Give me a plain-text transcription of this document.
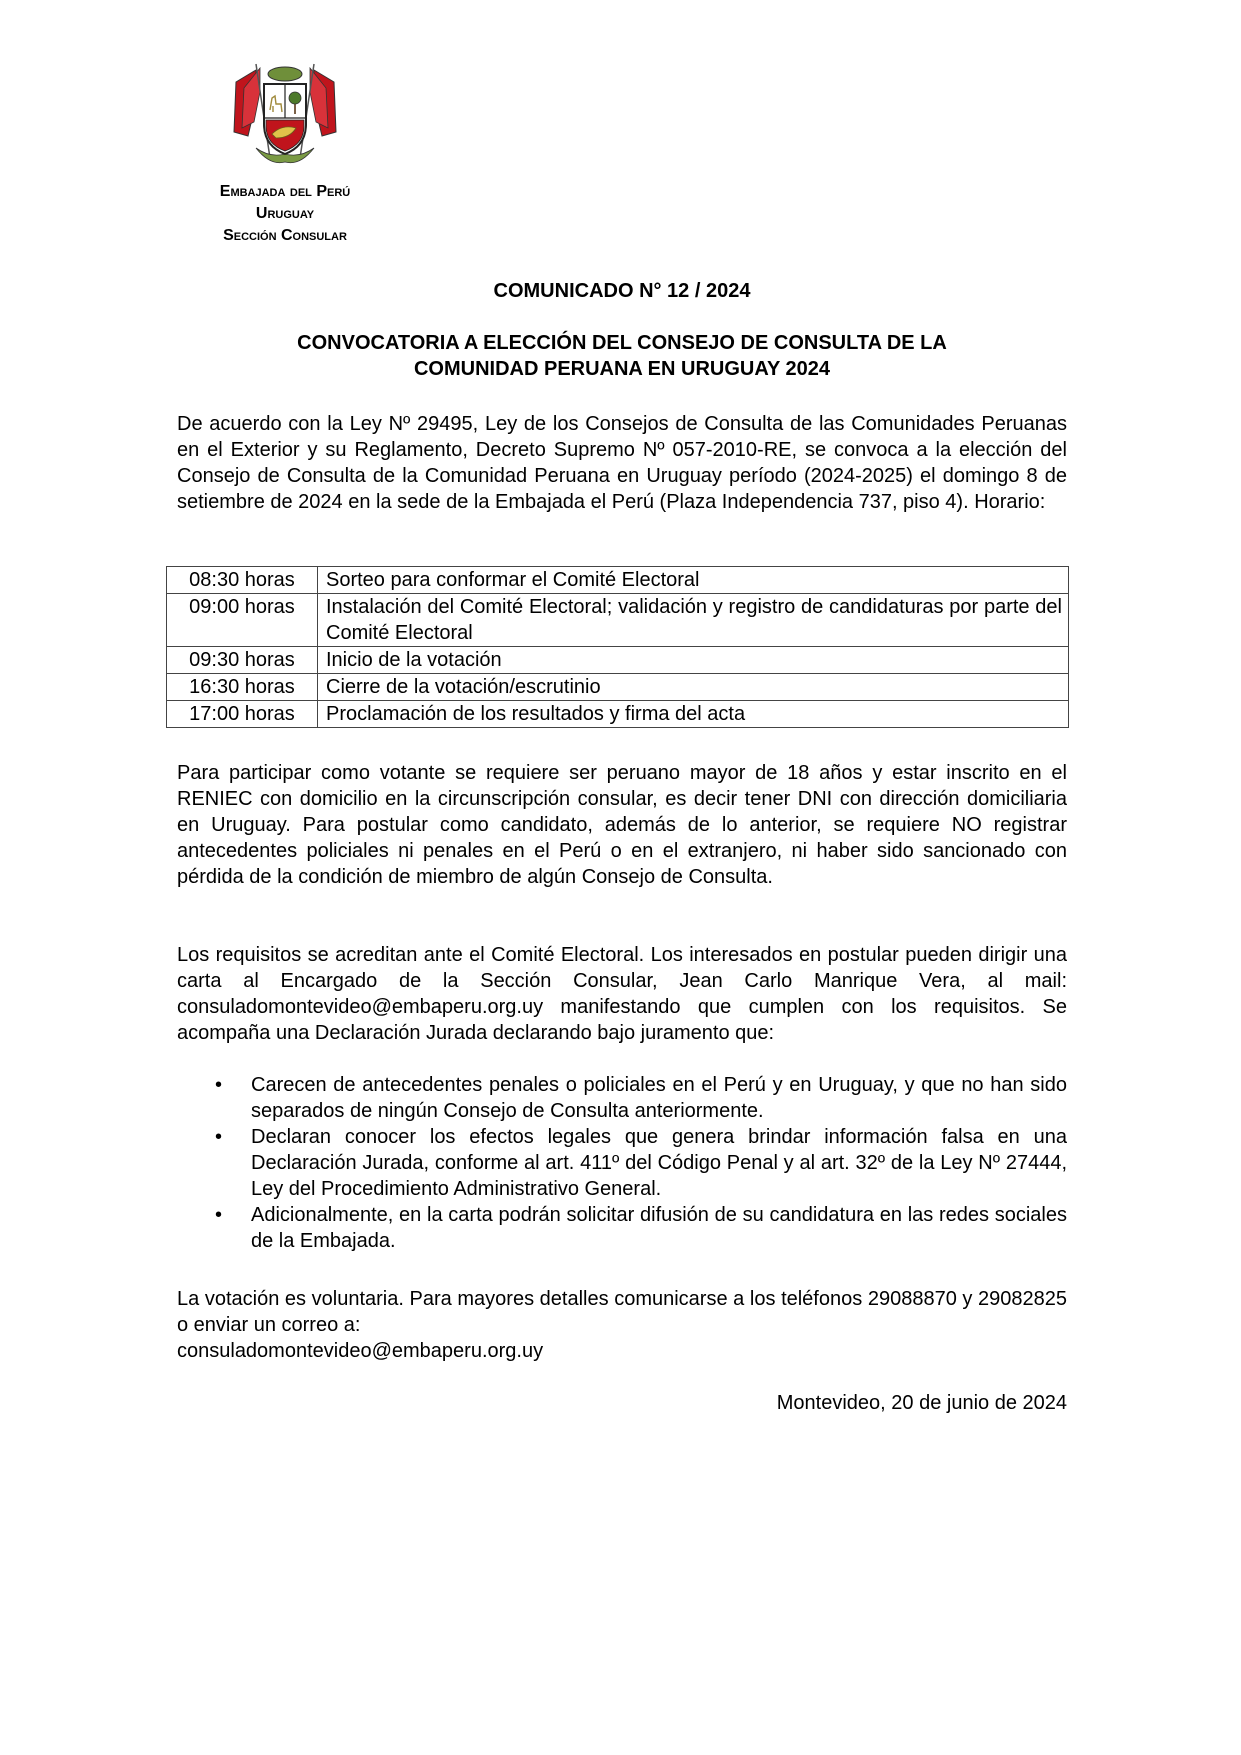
Embajada del Perú
Uruguay
Sección Consular
COMUNICADO N° 12 / 2024
CONVOCATORIA A ELECCIÓN DEL CONSEJO DE CONSULTA DE LA
COMUNIDAD PERUANA EN URUGUAY 2024
De acuerdo con la Ley Nº 29495, Ley de los Consejos de Consulta de las Comunidades Peruanas en el Exterior y su Reglamento, Decreto Supremo Nº 057-2010-RE, se convoca a la elección del Consejo de Consulta de la Comunidad Peruana en Uruguay período (2024-2025) el domingo 8 de setiembre de 2024 en la sede de la Embajada el Perú (Plaza Independencia 737, piso 4). Horario:
08:30 horas	Sorteo para conformar el Comité Electoral
09:00 horas	Instalación del Comité Electoral; validación y registro de candidaturas por parte del Comité Electoral
09:30 horas	Inicio de la votación
16:30 horas	Cierre de la votación/escrutinio
17:00 horas	Proclamación de los resultados y firma del acta
Para participar como votante se requiere ser peruano mayor de 18 años y estar inscrito en el RENIEC con domicilio en la circunscripción consular, es decir tener DNI con dirección domiciliaria en Uruguay. Para postular como candidato, además de lo anterior, se requiere NO registrar antecedentes policiales ni penales en el Perú o en el extranjero, ni haber sido sancionado con pérdida de la condición de miembro de algún Consejo de Consulta.
Los requisitos se acreditan ante el Comité Electoral. Los interesados en postular pueden dirigir una carta al Encargado de la Sección Consular, Jean Carlo Manrique Vera, al mail: consuladomontevideo@embaperu.org.uy manifestando que cumplen con los requisitos. Se acompaña una Declaración Jurada declarando bajo juramento que:
• Carecen de antecedentes penales o policiales en el Perú y en Uruguay, y que no han sido separados de ningún Consejo de Consulta anteriormente.
• Declaran conocer los efectos legales que genera brindar información falsa en una Declaración Jurada, conforme al art. 411º del Código Penal y al art. 32º de la Ley Nº 27444, Ley del Procedimiento Administrativo General.
• Adicionalmente, en la carta podrán solicitar difusión de su candidatura en las redes sociales de la Embajada.
La votación es voluntaria. Para mayores detalles comunicarse a los teléfonos 29088870 y 29082825 o enviar un correo a:
consuladomontevideo@embaperu.org.uy
Montevideo, 20 de junio de 2024
